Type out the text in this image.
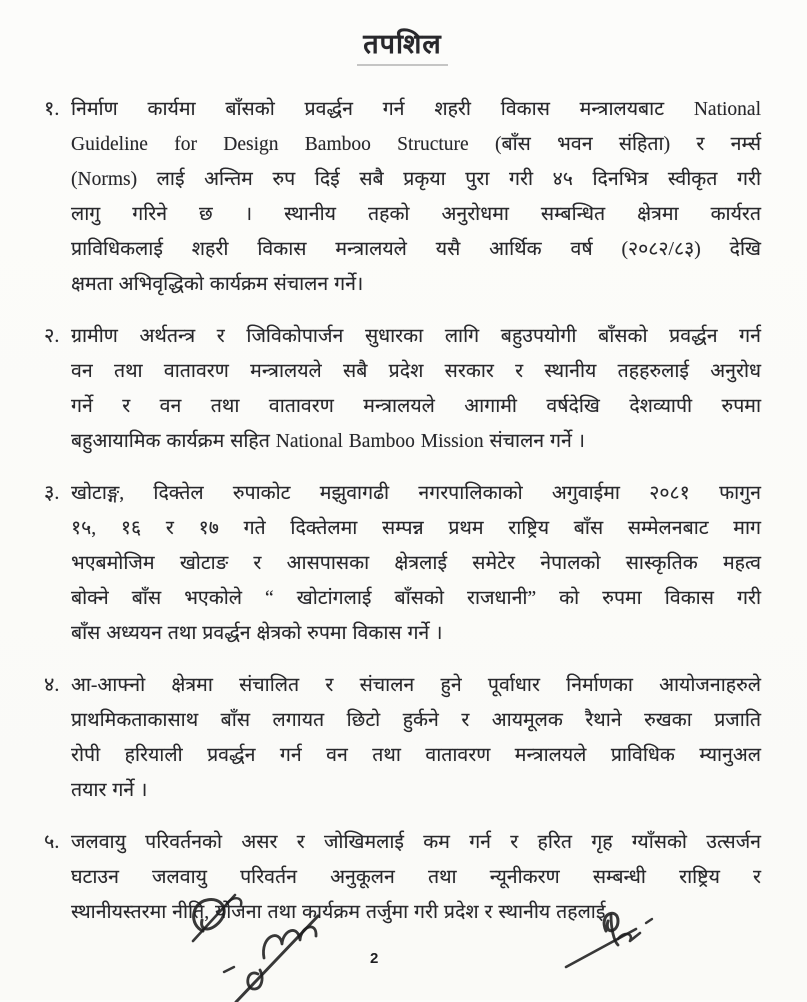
तपशिल
१. निर्माण कार्यमा बाँसको प्रवर्द्धन गर्न शहरी विकास मन्त्रालयबाट National
Guideline for Design Bamboo Structure (बाँस भवन संहिता) र नर्म्स
(Norms) लाई अन्तिम रुप दिई सबै प्रकृया पुरा गरी ४५ दिनभित्र स्वीकृत गरी
लागु गरिने छ । स्थानीय तहको अनुरोधमा सम्बन्धित क्षेत्रमा कार्यरत
प्राविधिकलाई शहरी विकास मन्त्रालयले यसै आर्थिक वर्ष (२०८२/८३) देखि
क्षमता अभिवृद्धिको कार्यक्रम संचालन गर्ने।
२. ग्रामीण अर्थतन्त्र र जिविकोपार्जन सुधारका लागि बहुउपयोगी बाँसको प्रवर्द्धन गर्न
वन तथा वातावरण मन्त्रालयले सबै प्रदेश सरकार र स्थानीय तहहरुलाई अनुरोध
गर्ने र वन तथा वातावरण मन्त्रालयले आगामी वर्षदेखि देशव्यापी रुपमा
बहुआयामिक कार्यक्रम सहित National Bamboo Mission संचालन गर्ने ।
३. खोटाङ्ग, दिक्तेल रुपाकोट मझुवागढी नगरपालिकाको अगुवाईमा २०८१ फागुन
१५, १६ र १७ गते दिक्तेलमा सम्पन्न प्रथम राष्ट्रिय बाँस सम्मेलनबाट माग
भएबमोजिम खोटाङ र आसपासका क्षेत्रलाई समेटेर नेपालको सास्कृतिक महत्व
बोक्ने बाँस भएकोले “ खोटांगलाई बाँसको राजधानी” को रुपमा विकास गरी
बाँस अध्ययन तथा प्रवर्द्धन क्षेत्रको रुपमा विकास गर्ने ।
४. आ-आफ्नो क्षेत्रमा संचालित र संचालन हुने पूर्वाधार निर्माणका आयोजनाहरुले
प्राथमिकताकासाथ बाँस लगायत छिटो हुर्कने र आयमूलक रैथाने रुखका प्रजाति
रोपी हरियाली प्रवर्द्धन गर्न वन तथा वातावरण मन्त्रालयले प्राविधिक म्यानुअल
तयार गर्ने ।
५. जलवायु परिवर्तनको असर र जोखिमलाई कम गर्न र हरित गृह ग्याँसको उत्सर्जन
घटाउन जलवायु परिवर्तन अनुकूलन तथा न्यूनीकरण सम्बन्धी राष्ट्रिय र
स्थानीयस्तरमा नीति, योजना तथा कार्यक्रम तर्जुमा गरी प्रदेश र स्थानीय तहलाई
2
